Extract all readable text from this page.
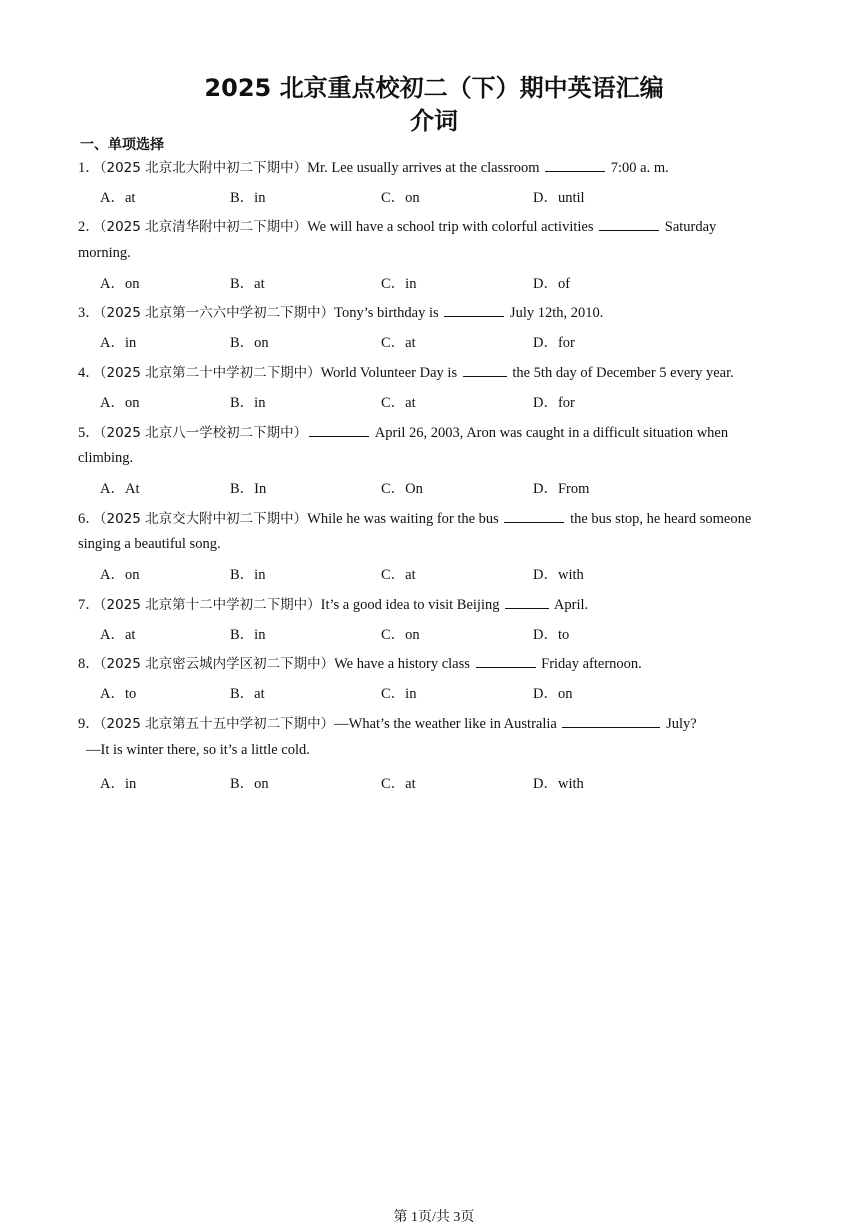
2025 北京重点校初二（下）期中英语汇编
介词
一、单项选择
1．（2025 北京北大附中初二下期中）Mr. Lee usually arrives at the classroom	7:00 a. m.
A．at	B．in	C．on	D．until
2．（2025 北京清华附中初二下期中）We will have a school trip with colorful activities	Saturday
morning.
A．on	B．at	C．in	D．of
3．（2025 北京第一六六中学初二下期中）Tony’s birthday is	July 12th, 2010.
A．in	B．on	C．at	D．for
4．（2025 北京第二十中学初二下期中）World Volunteer Day is	the 5th day of December 5 every year.
A．on	B．in	C．at	D．for
5．（2025 北京八一学校初二下期中）	April 26, 2003, Aron was caught in a difficult situation when
climbing.
A．At	B．In	C．On	D．From
6．（2025 北京交大附中初二下期中）While he was waiting for the bus	the bus stop, he heard someone
singing a beautiful song.
A．on	B．in	C．at	D．with
7．（2025 北京第十二中学初二下期中）It’s a good idea to visit Beijing	April.
A．at	B．in	C．on	D．to
8．（2025 北京密云城内学区初二下期中）We have a history class	Friday afternoon.
A．to	B．at	C．in	D．on
9．（2025 北京第五十五中学初二下期中）—What’s the weather like in Australia	July?
—It is winter there, so it’s a little cold.
A．in	B．on	C．at	D．with
第 1页/共 3页
